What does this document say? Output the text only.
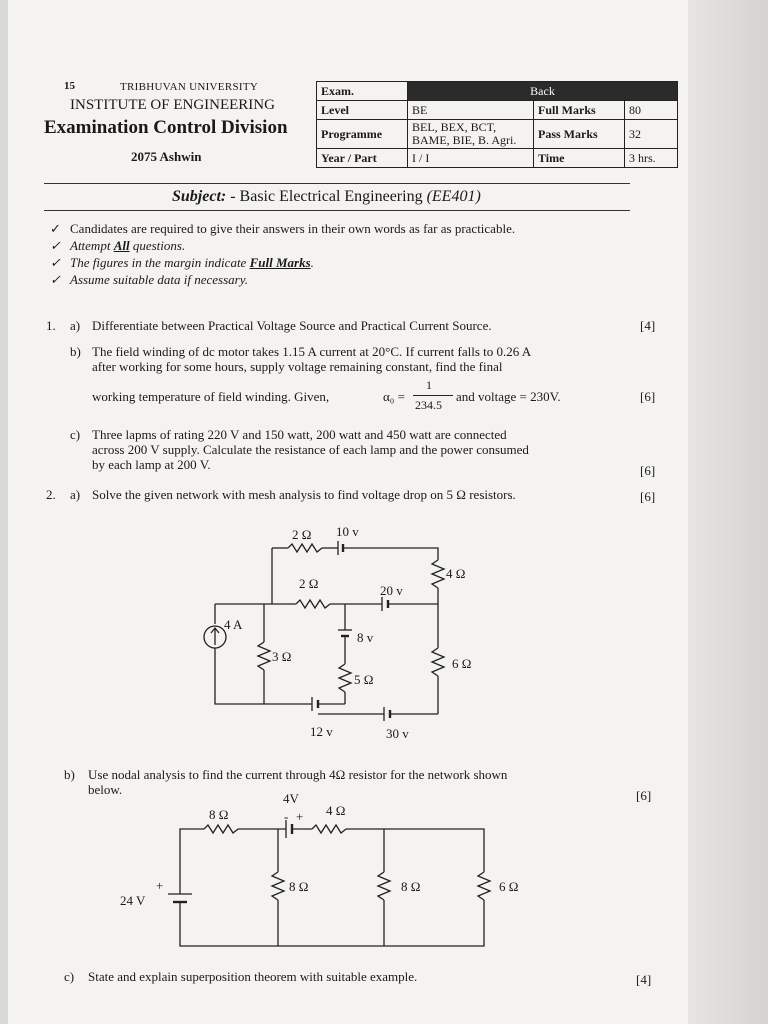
15	TRIBHUVAN UNIVERSITY
INSTITUTE OF ENGINEERING
Examination Control Division
2075 Ashwin
Exam.	Back		
Level	BE	Full Marks	80
Programme	BEL, BEX, BCT,
BAME, BIE, B. Agri.	Pass Marks	32
Year / Part	I / I	Time	3 hrs.
Subject: - Basic Electrical Engineering (EE401)
✓ Candidates are required to give their answers in their own words as far as practicable.
✓ Attempt All questions.
✓ The figures in the margin indicate Full Marks.
✓ Assume suitable data if necessary.
1. a) Differentiate between Practical Voltage Source and Practical Current Source.	[4]
b) The field winding of dc motor takes 1.15 A current at 20°C. If current falls to 0.26 A
after working for some hours, supply voltage remaining constant, find the final
working temperature of field winding. Given,	α₀ =
1
234.5
and voltage = 230V.	[6]
c) Three lapms of rating 220 V and 150 watt, 200 watt and 450 watt are connected
across 200 V supply. Calculate the resistance of each lamp and the power consumed
by each lamp at 200 V.	[6]
2. a) Solve the given network with mesh analysis to find voltage drop on 5 Ω resistors.	[6]
2 Ω 10 v
4 Ω
2 Ω	20 v
4 A
8 v
3 Ω
5 Ω
6 Ω
12 v	30 v
b) Use nodal analysis to find the current through 4Ω resistor for the network shown
below.	[6]
4V
8 Ω	4 Ω
- +
+
24 V
8 Ω	8 Ω	6 Ω
c) State and explain superposition theorem with suitable example.	[4]
